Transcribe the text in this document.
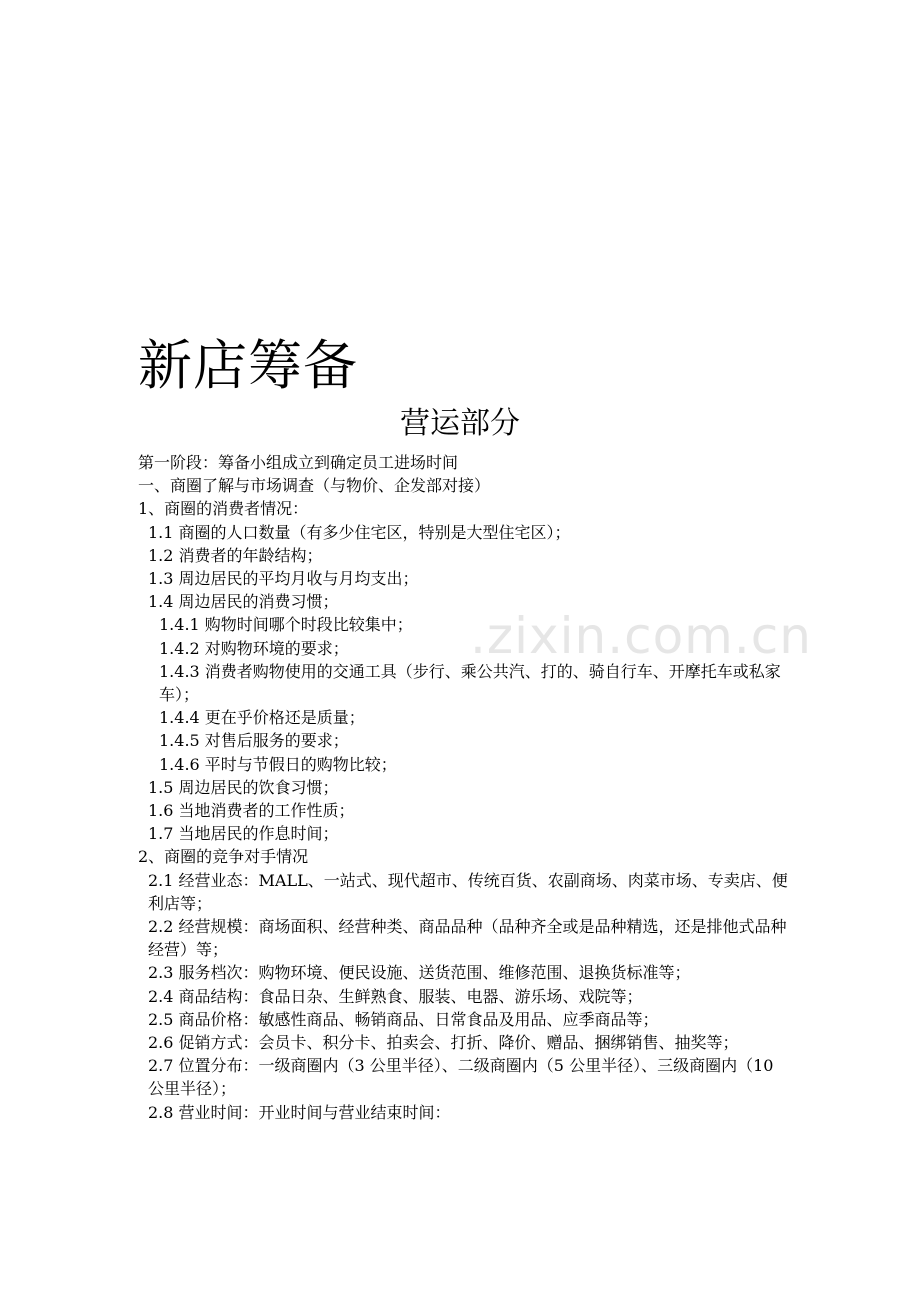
.zixin.com.cn
新店筹备
营运部分
第一阶段：筹备小组成立到确定员工进场时间
一、商圈了解与市场调查（与物价、企发部对接）
1、商圈的消费者情况：
1.1 商圈的人口数量（有多少住宅区，特别是大型住宅区）；
1.2 消费者的年龄结构；
1.3 周边居民的平均月收与月均支出；
1.4 周边居民的消费习惯；
1.4.1 购物时间哪个时段比较集中；
1.4.2 对购物环境的要求；
1.4.3 消费者购物使用的交通工具（步行、乘公共汽、打的、骑自行车、开摩托车或私家车）；
1.4.4 更在乎价格还是质量；
1.4.5 对售后服务的要求；
1.4.6 平时与节假日的购物比较；
1.5 周边居民的饮食习惯；
1.6 当地消费者的工作性质；
1.7 当地居民的作息时间；
2、商圈的竞争对手情况
2.1 经营业态：MALL、一站式、现代超市、传统百货、农副商场、肉菜市场、专卖店、便利店等；
2.2 经营规模：商场面积、经营种类、商品品种（品种齐全或是品种精选，还是排他式品种经营）等；
2.3 服务档次：购物环境、便民设施、送货范围、维修范围、退换货标准等；
2.4 商品结构：食品日杂、生鲜熟食、服装、电器、游乐场、戏院等；
2.5 商品价格：敏感性商品、畅销商品、日常食品及用品、应季商品等；
2.6 促销方式：会员卡、积分卡、拍卖会、打折、降价、赠品、捆绑销售、抽奖等；
2.7 位置分布：一级商圈内（3 公里半径）、二级商圈内（5 公里半径）、三级商圈内（10 公里半径）；
2.8 营业时间：开业时间与营业结束时间：
